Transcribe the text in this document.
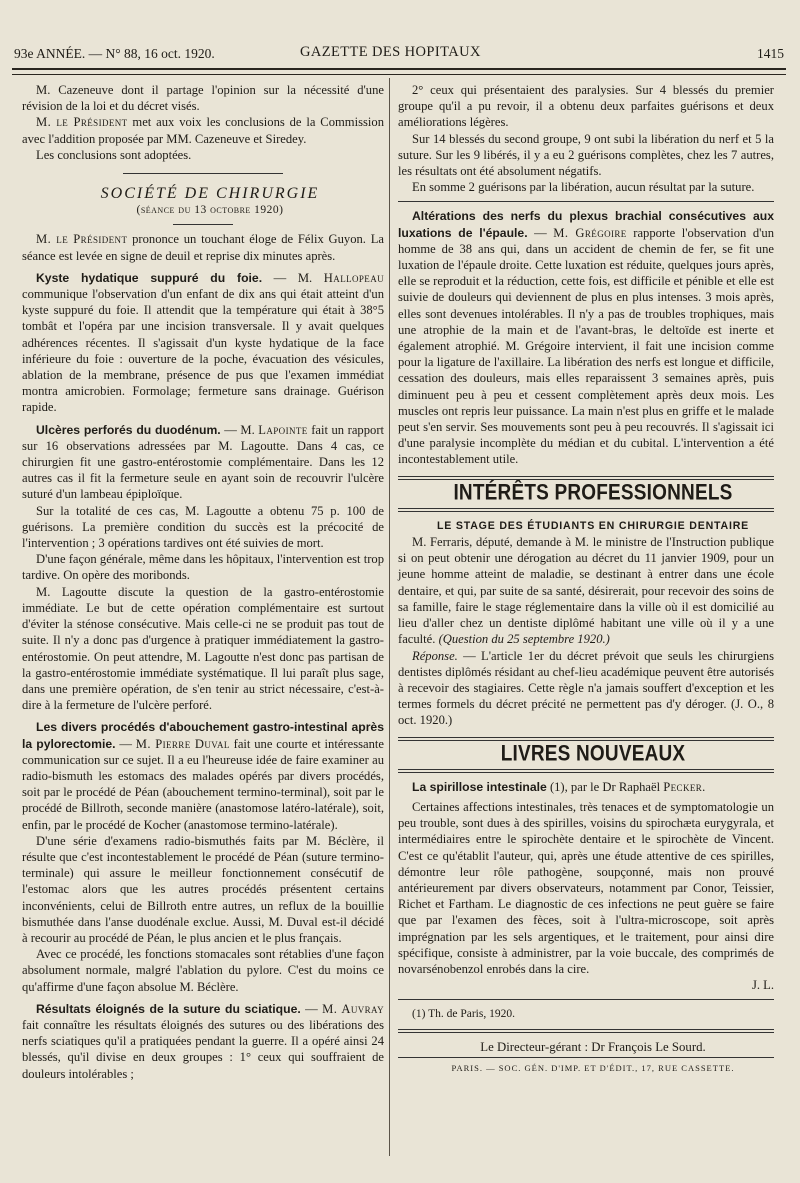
93e ANNÉE. — N° 88, 16 oct. 1920.	GAZETTE DES HOPITAUX	1415

M. Cazeneuve dont il partage l'opinion sur la nécessité d'une révision de la loi et du décret visés.

M. le Président met aux voix les conclusions de la Commission avec l'addition proposée par MM. Cazeneuve et Siredey.

Les conclusions sont adoptées.

SOCIÉTÉ DE CHIRURGIE

(séance du 13 octobre 1920)

M. le Président prononce un touchant éloge de Félix Guyon. La séance est levée en signe de deuil et reprise dix minutes après.

Kyste hydatique suppuré du foie. — M. Hallopeau communique l'observation d'un enfant de dix ans qui était atteint d'un kyste suppuré du foie. Il attendit que la température qui était à 38°5 tombât et l'opéra par une incision transversale. Il y avait quelques adhérences récentes. Il s'agissait d'un kyste hydatique de la face inférieure du foie : ouverture de la poche, évacuation des vésicules, ablation de la membrane, présence de pus que l'examen immédiat montra amicrobien. Formolage; fermeture sans drainage. Guérison rapide.

Ulcères perforés du duodénum. — M. Lapointe fait un rapport sur 16 observations adressées par M. Lagoutte. Dans 4 cas, ce chirurgien fit une gastro-entérostomie complémentaire. Dans les 12 autres cas il fit la fermeture seule en ayant soin de recouvrir l'ulcère suturé d'un lambeau épiploïque.

Sur la totalité de ces cas, M. Lagoutte a obtenu 75 p. 100 de guérisons. La première condition du succès est la précocité de l'intervention ; 3 opérations tardives ont été suivies de mort.

D'une façon générale, même dans les hôpitaux, l'intervention est trop tardive. On opère des moribonds.

M. Lagoutte discute la question de la gastro-entérostomie immédiate. Le but de cette opération complémentaire est surtout d'éviter la sténose consécutive. Mais celle-ci ne se produit pas tout de suite. Il n'y a donc pas d'urgence à pratiquer immédiatement la gastro-entérostomie. On peut attendre, M. Lagoutte n'est donc pas partisan de la gastro-entérostomie immédiate systématique. Il lui paraît plus sage, dans une première opération, de s'en tenir au strict nécessaire, c'est-à-dire à la fermeture de l'ulcère perforé.

Les divers procédés d'abouchement gastro-intestinal après la pylorectomie. — M. Pierre Duval fait une courte et intéressante communication sur ce sujet. Il a eu l'heureuse idée de faire examiner au radio-bismuth les estomacs des malades opérés par divers procédés, soit par le procédé de Péan (abouchement termino-terminal), soit par le procédé de Billroth, seconde manière (anastomose latéro-latérale), soit, enfin, par le procédé de Kocher (anastomose termino-latérale).

D'une série d'examens radio-bismuthés faits par M. Béclère, il résulte que c'est incontestablement le procédé de Péan (suture termino-terminale) qui assure le meilleur fonctionnement consécutif de l'estomac alors que les autres procédés présentent certains inconvénients, celui de Billroth entre autres, un reflux de la bouillie bismuthée dans l'anse duodénale exclue. Aussi, M. Duval est-il décidé à recourir au procédé de Péan, le plus ancien et le plus français.

Avec ce procédé, les fonctions stomacales sont rétablies d'une façon absolument normale, malgré l'ablation du pylore. C'est du moins ce qu'affirme d'une façon absolue M. Béclère.

Résultats éloignés de la suture du sciatique. — M. Auvray fait connaître les résultats éloignés des sutures ou des libérations des nerfs sciatiques qu'il a pratiquées pendant la guerre. Il a opéré ainsi 24 blessés, qu'il divise en deux groupes : 1° ceux qui souffraient de douleurs intolérables ;

2° ceux qui présentaient des paralysies. Sur 4 blessés du premier groupe qu'il a pu revoir, il a obtenu deux parfaites guérisons et deux améliorations légères.

Sur 14 blessés du second groupe, 9 ont subi la libération du nerf et 5 la suture. Sur les 9 libérés, il y a eu 2 guérisons complètes, chez les 7 autres, les résultats ont été absolument négatifs.

En somme 2 guérisons par la libération, aucun résultat par la suture.

Altérations des nerfs du plexus brachial consécutives aux luxations de l'épaule. — M. Grégoire rapporte l'observation d'un homme de 38 ans qui, dans un accident de chemin de fer, se fit une luxation de l'épaule droite. Cette luxation est réduite, quelques jours après, elle se reproduit et la réduction, cette fois, est difficile et pénible et elle est suivie de douleurs qui deviennent de plus en plus intenses. 3 mois après, elles sont devenues intolérables. Il n'y a pas de troubles trophiques, mais une atrophie de la main et de l'avant-bras, le deltoïde est inerte et également atrophié. M. Grégoire intervient, il fait une incision comme pour la ligature de l'axillaire. La libération des nerfs est longue et difficile, cessation des douleurs, mais elles reparaissent 3 semaines après, puis diminuent peu à peu et cessent complètement après deux mois. Les muscles ont repris leur puissance. La main n'est plus en griffe et le malade peut s'en servir. Ses mouvements sont peu à peu recouvrés. Il s'agissait ici d'une paralysie incomplète du médian et du cubital. L'intervention a été incontestablement utile.

INTÉRÊTS PROFESSIONNELS

LE STAGE DES ÉTUDIANTS EN CHIRURGIE DENTAIRE

M. Ferraris, député, demande à M. le ministre de l'Instruction publique si on peut obtenir une dérogation au décret du 11 janvier 1909, pour un jeune homme atteint de maladie, se destinant à entrer dans une école dentaire, et qui, par suite de sa santé, désirerait, pour recevoir des soins de sa famille, faire le stage réglementaire dans la ville où il est domicilié au lieu d'aller chez un dentiste diplômé habitant une ville où il y a une faculté. (Question du 25 septembre 1920.)

Réponse. — L'article 1er du décret prévoit que seuls les chirurgiens dentistes diplômés résidant au chef-lieu académique peuvent être autorisés à recevoir des stagiaires. Cette règle n'a jamais souffert d'exception et les termes formels du décret précité ne permettent pas d'y déroger. (J. O., 8 oct. 1920.)

LIVRES NOUVEAUX

La spirillose intestinale (1), par le Dr Raphaël Pecker.

Certaines affections intestinales, très tenaces et de symptomatologie un peu trouble, sont dues à des spirilles, voisins du spirochæta eurygyrala, et intermédiaires entre le spirochète dentaire et le spirochète de Vincent. C'est ce qu'établit l'auteur, qui, après une étude attentive de ces spirilles, démontre leur rôle pathogène, soupçonné, mais non prouvé antérieurement par divers observateurs, notamment par Conor, Teissier, Richet et Fartham. Le diagnostic de ces infections ne peut guère se faire que par l'examen des fèces, soit à l'ultra-microscope, soit après imprégnation par les sels argentiques, et le traitement, pour ainsi dire spécifique, consiste à administrer, par la voie buccale, des comprimés de novarsénobenzol enrobés dans la cire.

J. L.

(1) Th. de Paris, 1920.

Le Directeur-gérant : Dr François Le Sourd.

PARIS. — SOC. GÉN. D'IMP. ET D'ÉDIT., 17, RUE CASSETTE.
